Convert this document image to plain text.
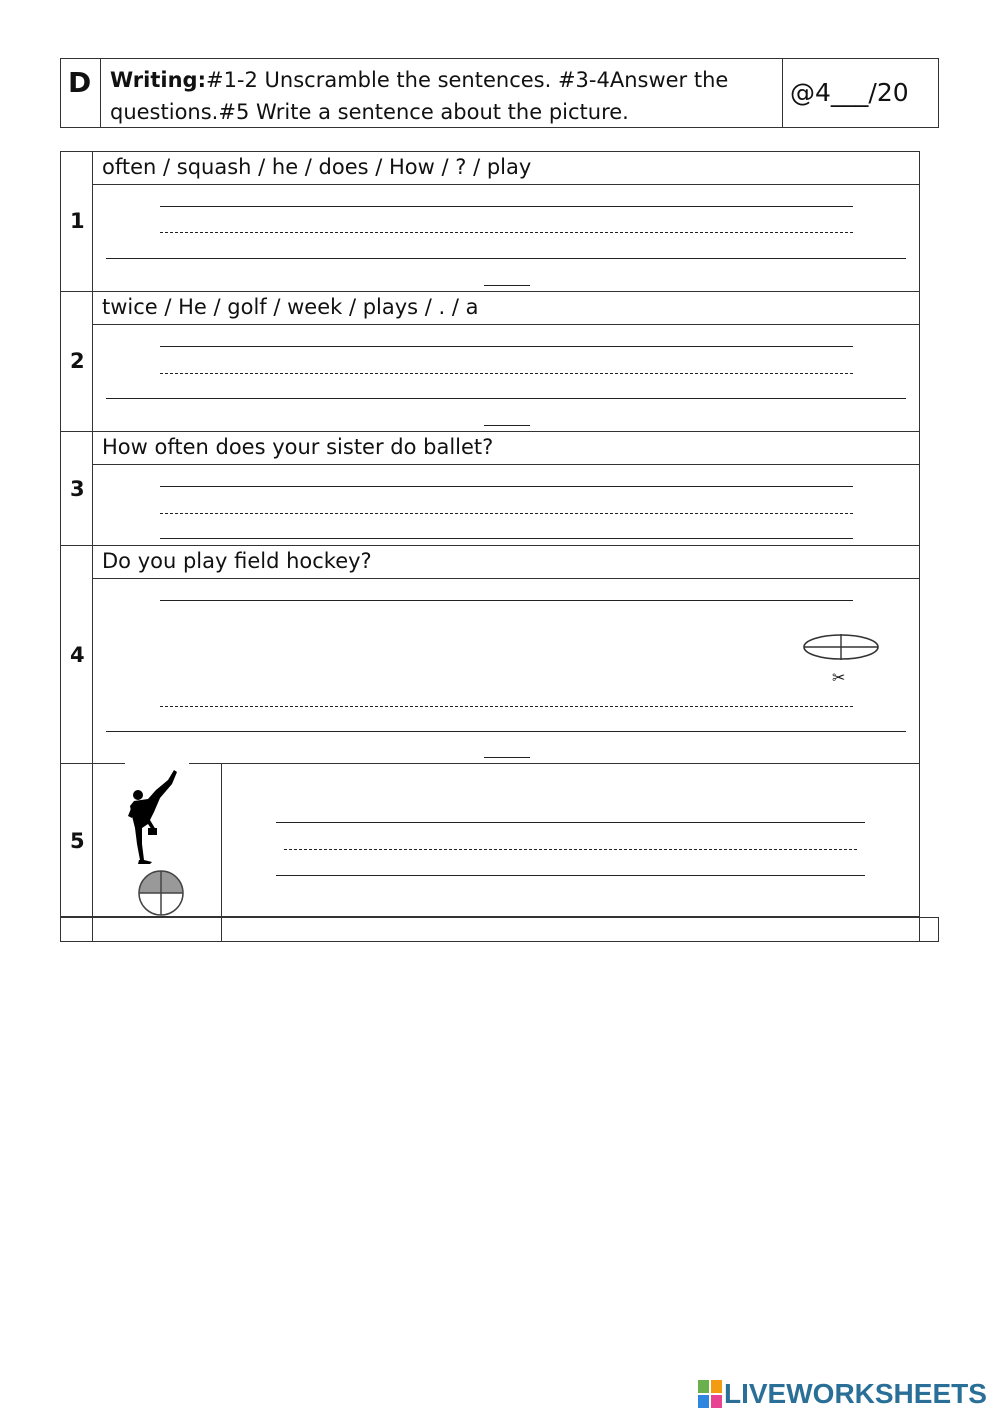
D Writing:#1-2 Unscramble the sentences. #3-4Answer the
questions.#5 Write a sentence about the picture.
@4___/20
1
often / squash / he / does / How / ? / play
2
twice / He / golf / week / plays / . / a
3
How often does your sister do ballet?
4
Do you play field hockey?
✂
5
LIVEWORKSHEETS
